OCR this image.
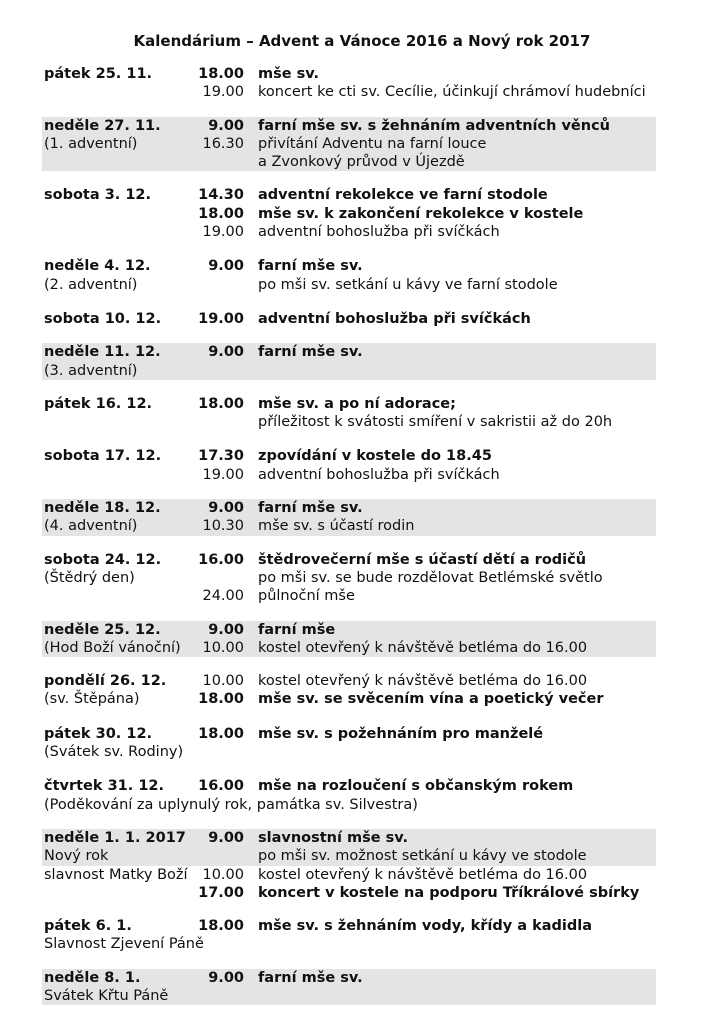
Kalendárium – Advent a Vánoce 2016 a Nový rok 2017
pátek 25. 11.	18.00 mše sv.
19.00 koncert ke cti sv. Cecílie, účinkují chrámoví hudebníci
neděle 27. 11.	9.00 farní mše sv. s žehnáním adventních věnců
(1. adventní)	16.30 přivítání Adventu na farní louce
a Zvonkový průvod v Újezdě
sobota 3. 12.	14.30 adventní rekolekce ve farní stodole
18.00 mše sv. k zakončení rekolekce v kostele
19.00 adventní bohoslužba při svíčkách
neděle 4. 12.	9.00 farní mše sv.
(2. adventní)	po mši sv. setkání u kávy ve farní stodole
sobota 10. 12.	19.00 adventní bohoslužba při svíčkách
neděle 11. 12.	9.00 farní mše sv.
(3. adventní)
pátek 16. 12.	18.00 mše sv. a po ní adorace;
příležitost k svátosti smíření v sakristii až do 20h
sobota 17. 12.	17.30 zpovídání v kostele do 18.45
19.00 adventní bohoslužba při svíčkách
neděle 18. 12.	9.00 farní mše sv.
(4. adventní)	10.30 mše sv. s účastí rodin
sobota 24. 12.	16.00 štědrovečerní mše s účastí dětí a rodičů
(Štědrý den)	po mši sv. se bude rozdělovat Betlémské světlo
24.00 půlnoční mše
neděle 25. 12.	9.00 farní mše
(Hod Boží vánoční)	10.00 kostel otevřený k návštěvě betléma do 16.00
pondělí 26. 12.	10.00 kostel otevřený k návštěvě betléma do 16.00
(sv. Štěpána)	18.00 mše sv. se svěcením vína a poetický večer
pátek 30. 12.	18.00 mše sv. s požehnáním pro manželé
(Svátek sv. Rodiny)
čtvrtek 31. 12.	16.00 mše na rozloučení s občanským rokem
(Poděkování za uplynulý rok, památka sv. Silvestra)
neděle 1. 1. 2017	9.00 slavnostní mše sv.
Nový rok	po mši sv. možnost setkání u kávy ve stodole
slavnost Matky Boží	10.00 kostel otevřený k návštěvě betléma do 16.00
17.00 koncert v kostele na podporu Tříkrálové sbírky
pátek 6. 1.	18.00 mše sv. s žehnáním vody, křídy a kadidla
Slavnost Zjevení Páně
neděle 8. 1.	9.00 farní mše sv.
Svátek Křtu Páně
